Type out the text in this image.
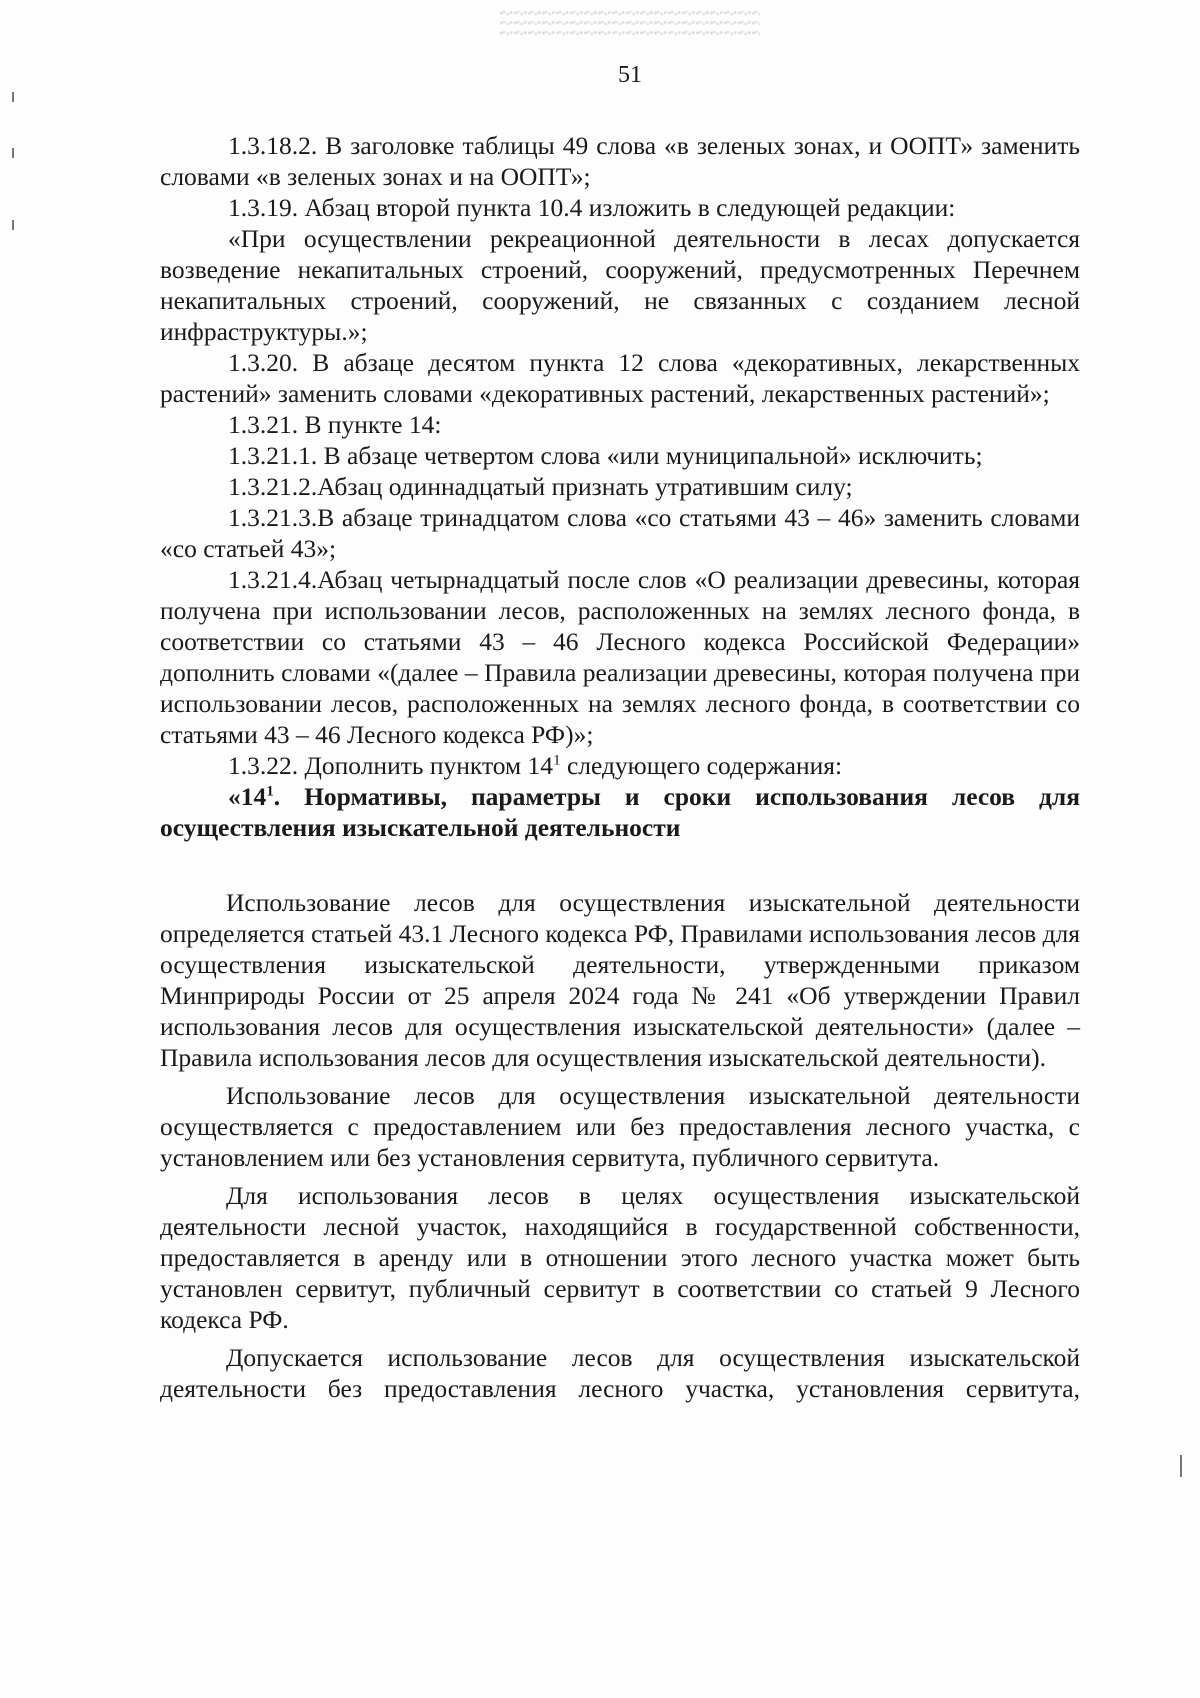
51

1.3.18.2. В заголовке таблицы 49 слова «в зеленых зонах, и ООПТ» заменить словами «в зеленых зонах и на ООПТ»;

1.3.19. Абзац второй пункта 10.4 изложить в следующей редакции:

«При осуществлении рекреационной деятельности в лесах допускается возведение некапитальных строений, сооружений, предусмотренных Перечнем некапитальных строений, сооружений, не связанных с созданием лесной инфраструктуры.»;

1.3.20. В абзаце десятом пункта 12 слова «декоративных, лекарственных растений» заменить словами «декоративных растений, лекарственных растений»;

1.3.21. В пункте 14:

1.3.21.1. В абзаце четвертом слова «или муниципальной» исключить;

1.3.21.2.Абзац одиннадцатый признать утратившим силу;

1.3.21.3.В абзаце тринадцатом слова «со статьями 43 – 46» заменить словами «со статьей 43»;

1.3.21.4.Абзац четырнадцатый после слов «О реализации древесины, которая получена при использовании лесов, расположенных на землях лесного фонда, в соответствии со статьями 43 – 46 Лесного кодекса Российской Федерации» дополнить словами «(далее – Правила реализации древесины, которая получена при использовании лесов, расположенных на землях лесного фонда, в соответствии со статьями 43 – 46 Лесного кодекса РФ)»;

1.3.22. Дополнить пунктом $14^1$ следующего содержания:

«$14^1$. Нормативы, параметры и сроки использования лесов для осуществления изыскательной деятельности

Использование лесов для осуществления изыскательной деятельности определяется статьей 43.1 Лесного кодекса РФ, Правилами использования лесов для осуществления изыскательской деятельности, утвержденными приказом Минприроды России от 25 апреля 2024 года № 241 «Об утверждении Правил использования лесов для осуществления изыскательской деятельности» (далее – Правила использования лесов для осуществления изыскательской деятельности).

Использование лесов для осуществления изыскательной деятельности осуществляется с предоставлением или без предоставления лесного участка, с установлением или без установления сервитута, публичного сервитута.

Для использования лесов в целях осуществления изыскательской деятельности лесной участок, находящийся в государственной собственности, предоставляется в аренду или в отношении этого лесного участка может быть установлен сервитут, публичный сервитут в соответствии со статьей 9 Лесного кодекса РФ.

Допускается использование лесов для осуществления изыскательской деятельности без предоставления лесного участка, установления сервитута,
